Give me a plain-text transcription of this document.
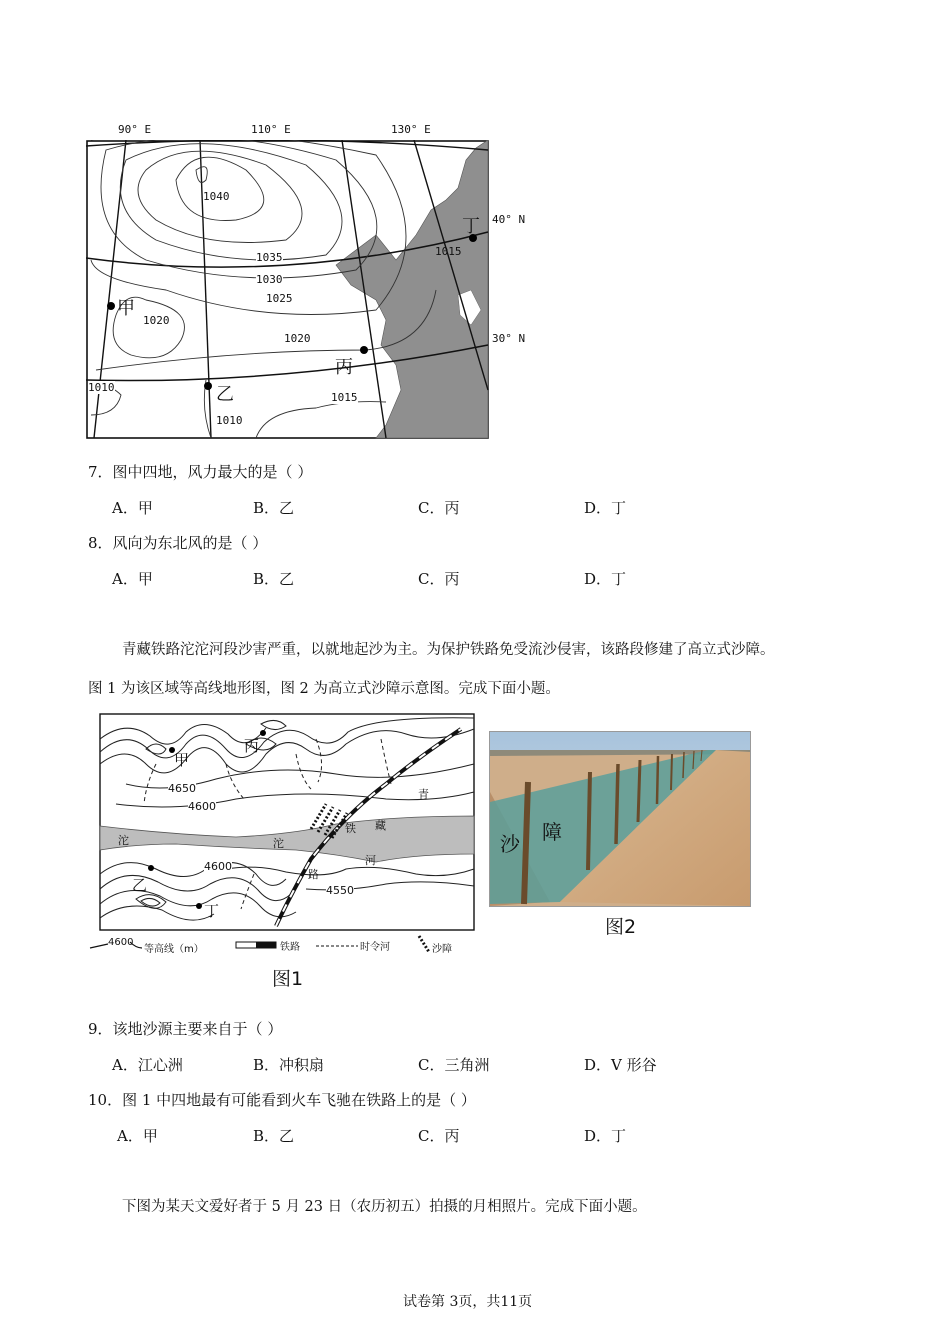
90° E	110° E	130° E
40° N
30° N
1040
1035
1030
1025
1020
1020
1015
1015
1010
1010
甲
乙
丙
丁
7．图中四地，风力最大的是（ ）
A．甲	B．乙	C．丙	D．丁
8．风向为东北风的是（ ）
A．甲	B．乙	C．丙	D．丁
青藏铁路沱沱河段沙害严重，以就地起沙为主。为保护铁路免受流沙侵害，该路段修建了高立式沙障。
图 1 为该区域等高线地形图，图 2 为高立式沙障示意图。完成下面小题。
甲
丙
乙
丁
4650
4600
4600
4550
青
藏
铁
路
沱	沱
河
4600
等高线（m）	铁路	时令河	沙障
图1
沙 障
图2
9．该地沙源主要来自于（ ）
A．江心洲	B．冲积扇	C．三角洲	D．V 形谷
10．图 1 中四地最有可能看到火车飞驰在铁路上的是（ ）
A．甲	B．乙	C．丙	D．丁
下图为某天文爱好者于 5 月 23 日（农历初五）拍摄的月相照片。完成下面小题。
试卷第 3页，共11页
